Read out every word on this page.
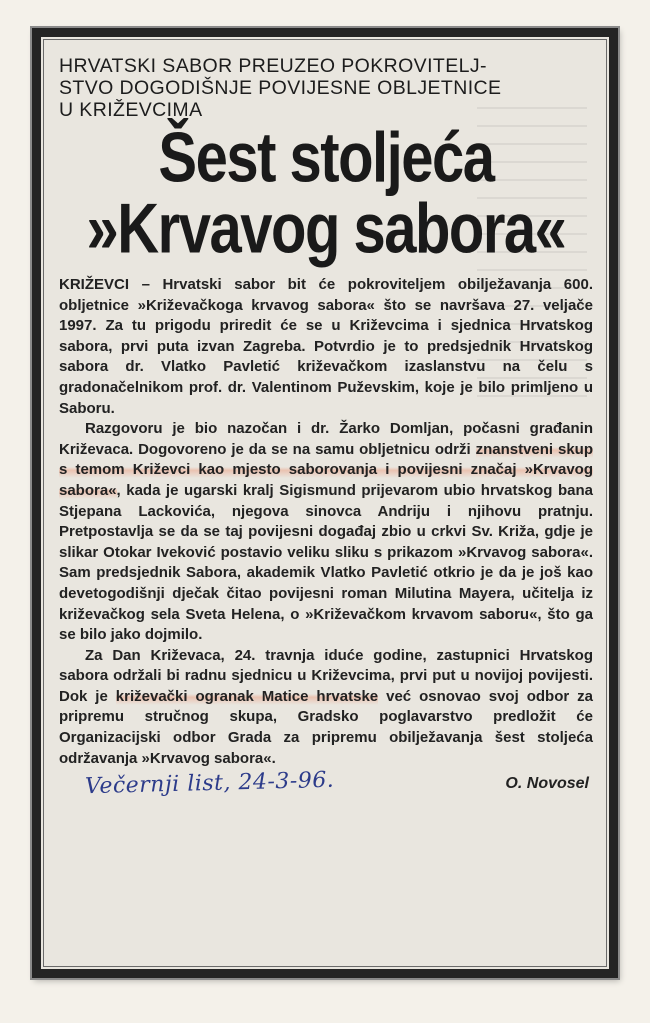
HRVATSKI SABOR PREUZEO POKROVITELJ-
STVO DOGODIŠNJE POVIJESNE OBLJETNICE
U KRIŽEVCIMA
Šest stoljeća
»Krvavog sabora«

KRIŽEVCI – Hrvatski sabor bit će pokroviteljem obilježavanja 600. obljetnice »Križevačkoga krvavog sabora« što se navršava 27. veljače 1997. Za tu prigodu priredit će se u Križevcima i sjednica Hrvatskog sabora, prvi puta izvan Zagreba. Potvrdio je to predsjednik Hrvatskog sabora dr. Vlatko Pavletić križevačkom izaslanstvu na čelu s gradonačelnikom prof. dr. Valentinom Puževskim, koje je bilo primljeno u Saboru.

Razgovoru je bio nazočan i dr. Žarko Domljan, počasni građanin Križevaca. Dogovoreno je da se na samu obljetnicu održi znanstveni skup s temom Križevci kao mjesto saborovanja i povijesni značaj »Krvavog sabora«, kada je ugarski kralj Sigismund prijevarom ubio hrvatskog bana Stjepana Lackovića, njegova sinovca Andriju i njihovu pratnju. Pretpostavlja se da se taj povijesni događaj zbio u crkvi Sv. Križa, gdje je slikar Otokar Iveković postavio veliku sliku s prikazom »Krvavog sabora«. Sam predsjednik Sabora, akademik Vlatko Pavletić otkrio je da je još kao devetogodišnji dječak čitao povijesni roman Milutina Mayera, učitelja iz križevačkog sela Sveta Helena, o »Križevačkom krvavom saboru«, što ga se bilo jako dojmilo.

Za Dan Križevaca, 24. travnja iduće godine, zastupnici Hrvatskog sabora održali bi radnu sjednicu u Križevcima, prvi put u novijoj povijesti. Dok je križevački ogranak Matice hrvatske već osnovao svoj odbor za pripremu stručnog skupa, Gradsko poglavarstvo predložit će Organizacijski odbor Grada za pripremu obilježavanja šest stoljeća održavanja »Krvavog sabora«.

Večernji list, 24-3-96.	O. Novosel
